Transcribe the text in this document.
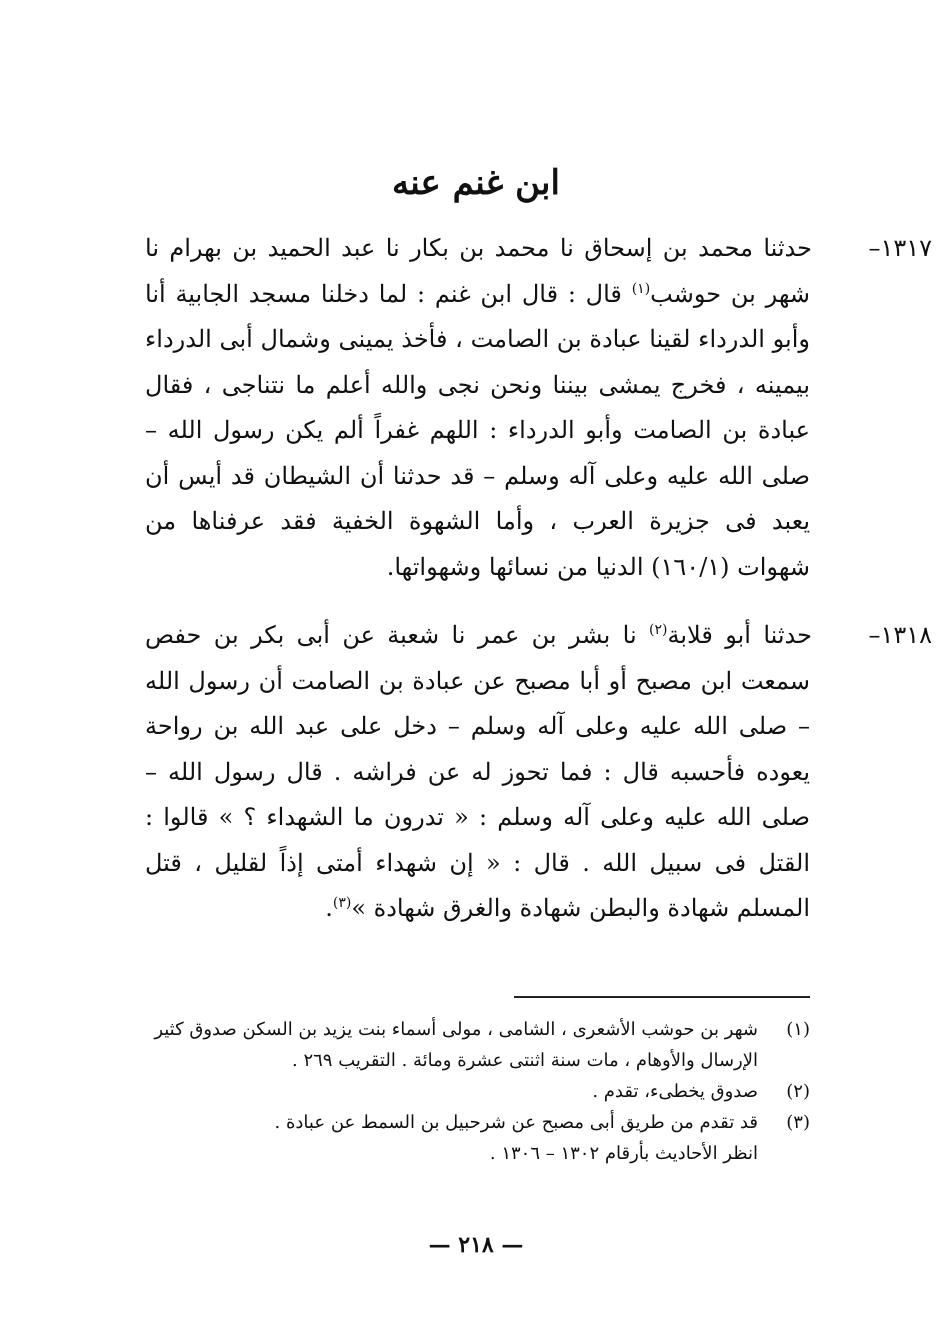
ابن غنم عنه
١٣١٧–حدثنا محمد بن إسحاق نا محمد بن بكار نا عبد الحميد بن بهرام نا شهر بن حوشب$^{(١)}$ قال : قال ابن غنم : لما دخلنا مسجد الجابية أنا وأبو الدرداء لقينا عبادة بن الصامت ، فأخذ يمينى وشمال أبى الدرداء بيمينه ، فخرج يمشى بيننا ونحن نجى والله أعلم ما نتناجى ، فقال عبادة بن الصامت وأبو الدرداء : اللهم غفراً ألم يكن رسول الله – صلى الله عليه وعلى آله وسلم – قد حدثنا أن الشيطان قد أيس أن يعبد فى جزيرة العرب ، وأما الشهوة الخفية فقد عرفناها من شهوات (١٦٠/١) الدنيا من نسائها وشهواتها.
١٣١٨–حدثنا أبو قلابة$^{(٢)}$ نا بشر بن عمر نا شعبة عن أبى بكر بن حفص سمعت ابن مصبح أو أبا مصبح عن عبادة بن الصامت أن رسول الله – صلى الله عليه وعلى آله وسلم – دخل على عبد الله بن رواحة يعوده فأحسبه قال : فما تحوز له عن فراشه . قال رسول الله – صلى الله عليه وعلى آله وسلم : « تدرون ما الشهداء ؟ » قالوا : القتل فى سبيل الله . قال : « إن شهداء أمتى إذاً لقليل ، قتل المسلم شهادة والبطن شهادة والغرق شهادة »$^{(٣)}$.
(١)
شهر بن حوشب الأشعرى ، الشامى ، مولى أسماء بنت يزيد بن السكن صدوق كثير
الإرسال والأوهام ، مات سنة اثنتى عشرة ومائة . التقريب ٢٦٩ .
(٢)
صدوق يخطىء، تقدم .
(٣)
قد تقدم من طريق أبى مصبح عن شرحبيل بن السمط عن عبادة .
انظر الأحاديث بأرقام ١٣٠٢ – ١٣٠٦ .
— ٢١٨ —
